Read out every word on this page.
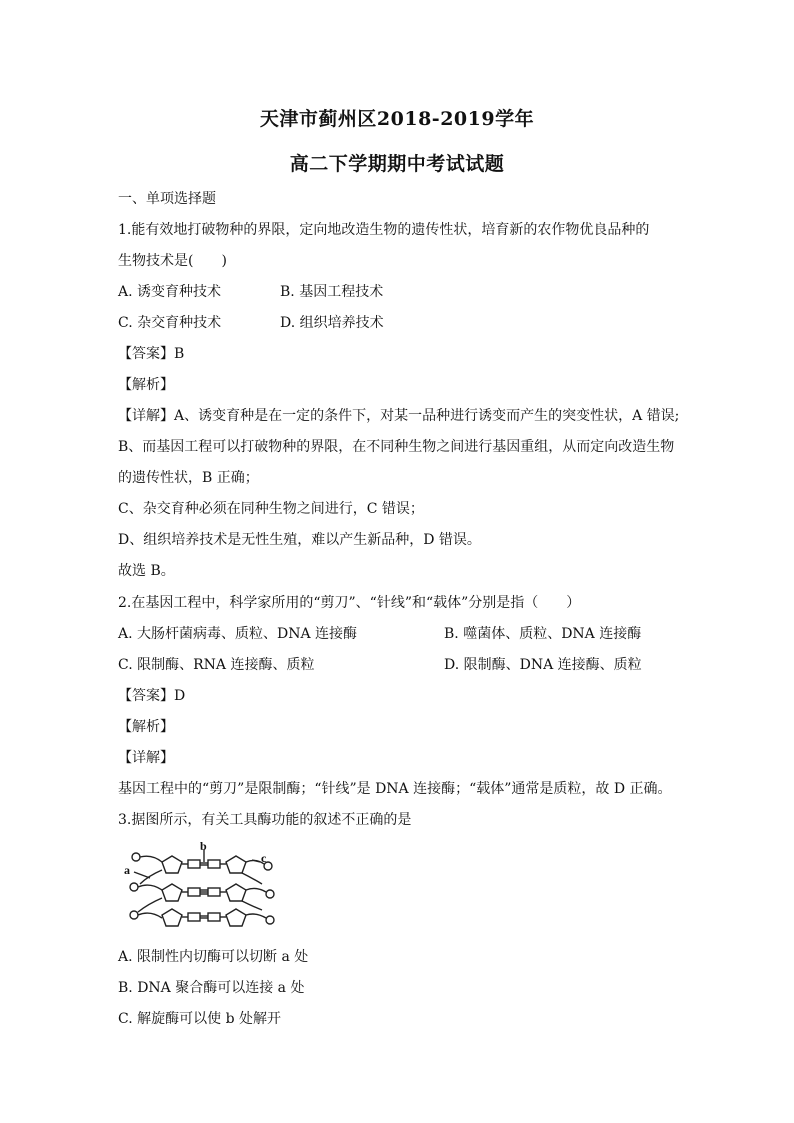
天津市蓟州区2018-2019学年
高二下学期期中考试试题
一、单项选择题
1.能有效地打破物种的界限，定向地改造生物的遗传性状，培育新的农作物优良品种的
生物技术是(　　)
A. 诱变育种技术	B. 基因工程技术
C. 杂交育种技术	D. 组织培养技术
【答案】B
【解析】
【详解】A、诱变育种是在一定的条件下，对某一品种进行诱变而产生的突变性状，A 错误;
B、而基因工程可以打破物种的界限，在不同种生物之间进行基因重组，从而定向改造生物
的遗传性状，B 正确；
C、杂交育种必须在同种生物之间进行，C 错误；
D、组织培养技术是无性生殖，难以产生新品种，D 错误。
故选 B。
2.在基因工程中，科学家所用的“剪刀”、“针线”和“载体”分别是指（　　）
A. 大肠杆菌病毒、质粒、DNA 连接酶	B. 噬菌体、质粒、DNA 连接酶
C. 限制酶、RNA 连接酶、质粒	D. 限制酶、DNA 连接酶、质粒
【答案】D
【解析】
【详解】
基因工程中的“剪刀”是限制酶；“针线”是 DNA 连接酶；“载体”通常是质粒，故 D 正确。
3.据图所示，有关工具酶功能的叙述不正确的是
a
b
c
A. 限制性内切酶可以切断 a 处
B. DNA 聚合酶可以连接 a 处
C. 解旋酶可以使 b 处解开
